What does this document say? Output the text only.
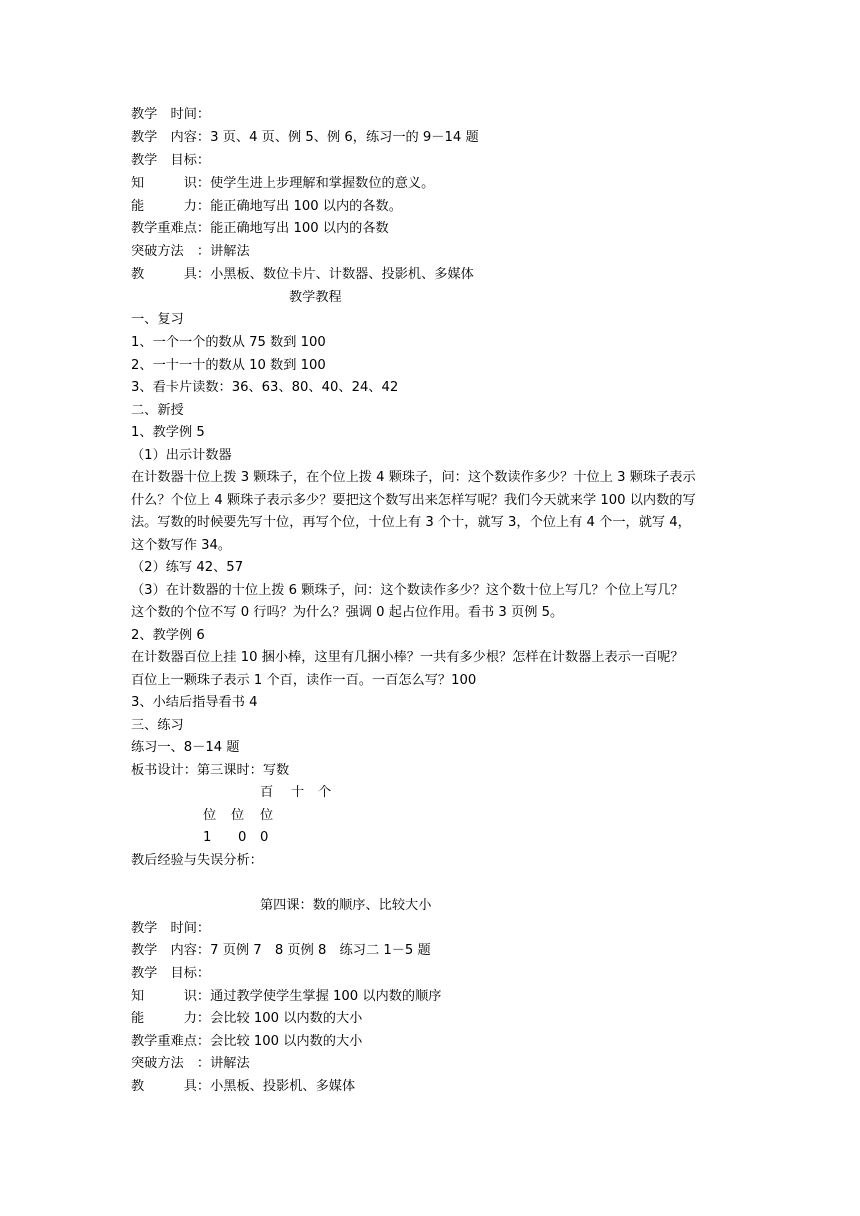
教学　时间：
教学　内容：3 页、4 页、例 5、例 6，练习一的 9－14 题
教学　目标：
知　　　识：使学生进上步理解和掌握数位的意义。
能　　　力：能正确地写出 100 以内的各数。
教学重难点：能正确地写出 100 以内的各数
突破方法　：讲解法
教　　　具：小黑板、数位卡片、计数器、投影机、多媒体
教学教程
一、复习
1、一个一个的数从 75 数到 100
2、一十一十的数从 10 数到 100
3、看卡片读数：36、63、80、40、24、42
二、新授
1、教学例 5
（1）出示计数器
在计数器十位上拨 3 颗珠子，在个位上拨 4 颗珠子，问：这个数读作多少？十位上 3 颗珠子表示
什么？个位上 4 颗珠子表示多少？要把这个数写出来怎样写呢？我们今天就来学 100 以内数的写
法。写数的时候要先写十位，再写个位，十位上有 3 个十，就写 3，个位上有 4 个一，就写 4，
这个数写作 34。
（2）练写 42、57
（3）在计数器的十位上拨 6 颗珠子，问：这个数读作多少？这个数十位上写几？个位上写几？
这个数的个位不写 0 行吗？为什么？强调 0 起占位作用。看书 3 页例 5。
2、教学例 6
在计数器百位上挂 10 捆小棒，这里有几捆小棒？一共有多少根？怎样在计数器上表示一百呢？
百位上一颗珠子表示 1 个百，读作一百。一百怎么写？100
3、小结后指导看书 4
三、练习
练习一、8－14 题
板书设计：第三课时：写数
百 十 个
位 位 位
1 0 0
教后经验与失误分析：
第四课：数的顺序、比较大小
教学　时间：
教学　内容：7 页例 7　8 页例 8　练习二 1－5 题
教学　目标：
知　　　识：通过教学使学生掌握 100 以内数的顺序
能　　　力：会比较 100 以内数的大小
教学重难点：会比较 100 以内数的大小
突破方法　：讲解法
教　　　具：小黑板、投影机、多媒体
